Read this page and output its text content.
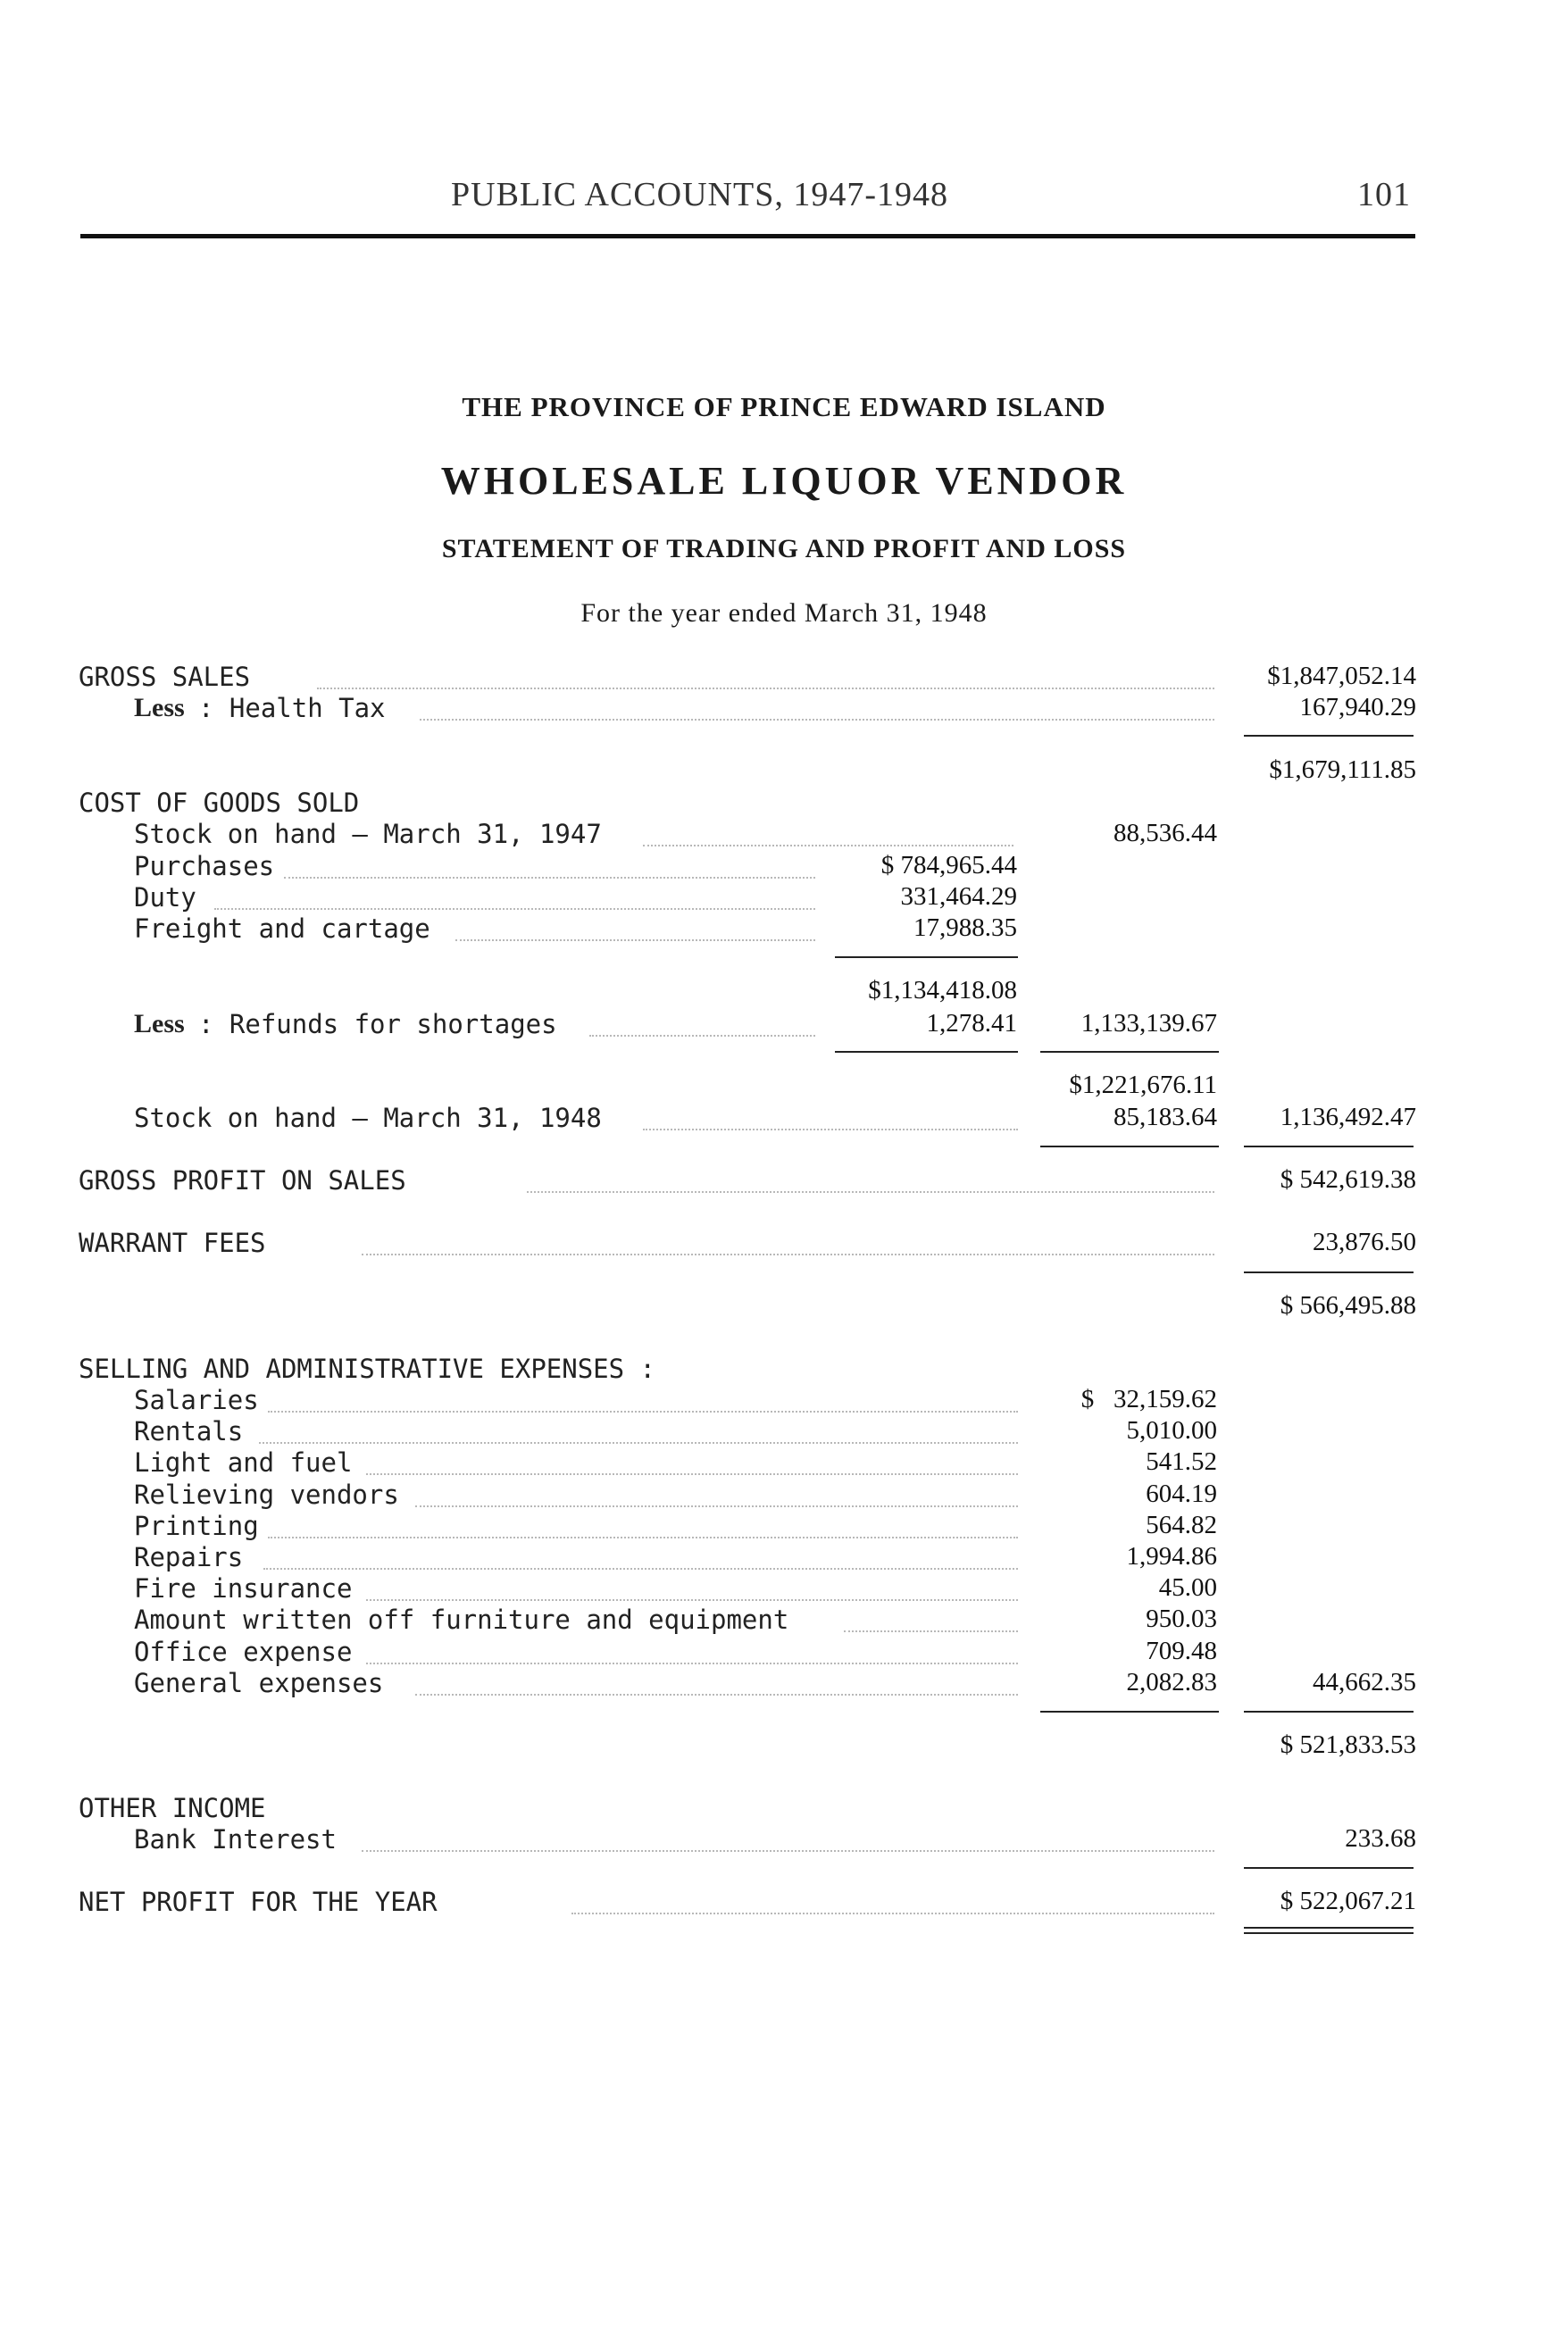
PUBLIC ACCOUNTS, 1947-1948	101
THE PROVINCE OF PRINCE EDWARD ISLAND
WHOLESALE LIQUOR VENDOR
STATEMENT OF TRADING AND PROFIT AND LOSS
For the year ended March 31, 1948
GROSS SALES	$1,847,052.14
Less : Health Tax	167,940.29
$1,679,111.85
COST OF GOODS SOLD
Stock on hand — March 31, 1947	88,536.44
Purchases	$ 784,965.44
Duty	331,464.29
Freight and cartage	17,988.35
$1,134,418.08
Less : Refunds for shortages	1,278.41 1,133,139.67
$1,221,676.11
Stock on hand — March 31, 1948	85,183.64 1,136,492.47
GROSS PROFIT ON SALES	$ 542,619.38
WARRANT FEES	23,876.50
$ 566,495.88
SELLING AND ADMINISTRATIVE EXPENSES :
Salaries	$   32,159.62
Rentals	5,010.00
Light and fuel	541.52
Relieving vendors	604.19
Printing	564.82
Repairs	1,994.86
Fire insurance	45.00
Amount written off furniture and equipment	950.03
Office expense	709.48
General expenses	2,082.83	44,662.35
$ 521,833.53
OTHER INCOME
Bank Interest	233.68
NET PROFIT FOR THE YEAR	$ 522,067.21
